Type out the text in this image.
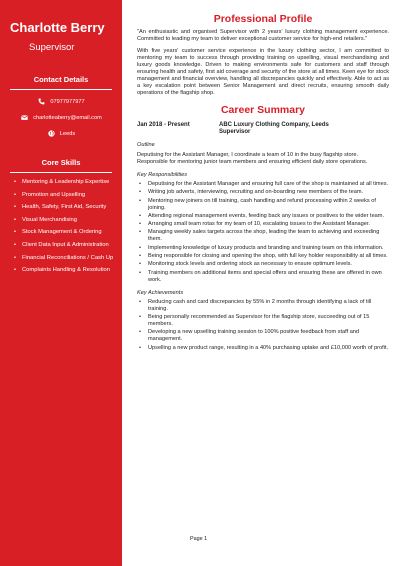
Charlotte Berry
Supervisor
Contact Details
07977977977
charlotteaberry@email.com
Leeds
Core Skills
• Mentoring & Leadership Expertise
• Promotion and Upselling
• Health, Safety, First Aid, Security
• Visual Merchandising
• Stock Management & Ordering
• Client Data Input & Administration
• Financial Reconciliations / Cash Up
• Complaints Handling & Resolution
Professional Profile
"An enthusiastic and organised Supervisor with 2 years' luxury clothing management experience. Committed to leading my team to deliver exceptional customer service for high-end retailers."
With five years' customer service experience in the luxury clothing sector, I am committed to mentoring my team to success through providing training on upselling, visual merchandising and luxury goods knowledge. Driven to making environments safe for customers and staff through ensuring health and safety, first aid coverage and security of the store at all times. Keen eye for stock management and financial overview, handling all discrepancies quickly and effectively. Able to act as a key escalation point between Senior Management and direct recruits, ensuring smooth daily operations of the flagship shop.
Career Summary
Jan 2018 - Present	ABC Luxury Clothing Company, Leeds
Supervisor
Outline
Deputising for the Assistant Manager, I coordinate a team of 10 in the busy flagship store. Responsible for mentoring junior team members and ensuring efficient daily store operations.
Key Responsibilities
• Deputising for the Assistant Manager and ensuring full care of the shop is maintained at all times.
• Writing job adverts, interviewing, recruiting and on-boarding new members of the team.
• Mentoring new joiners on till training, cash handling and refund processing within 2 weeks of joining.
• Attending regional management events, feeding back any issues or positives to the wider team.
• Arranging small team rotas for my team of 10, escalating issues to the Assistant Manager.
• Managing weekly sales targets across the shop, leading the team to achieving and exceeding them.
• Implementing knowledge of luxury products and branding and training team on this information.
• Being responsible for closing and opening the shop, with full key holder responsibility at all times.
• Monitoring stock levels and ordering stock as necessary to ensure optimum levels.
• Training members on additional items and special offers and ensuring these are offered in own work.
Key Achievements
• Reducing cash and card discrepancies by 55% in 2 months through identifying a lack of till training.
• Being personally recommended as Supervisor for the flagship store, succeeding out of 15 members.
• Developing a new upselling training session to 100% positive feedback from staff and management.
• Upselling a new product range, resulting in a 40% purchasing uptake and £10,000 worth of profit.
Page 1
